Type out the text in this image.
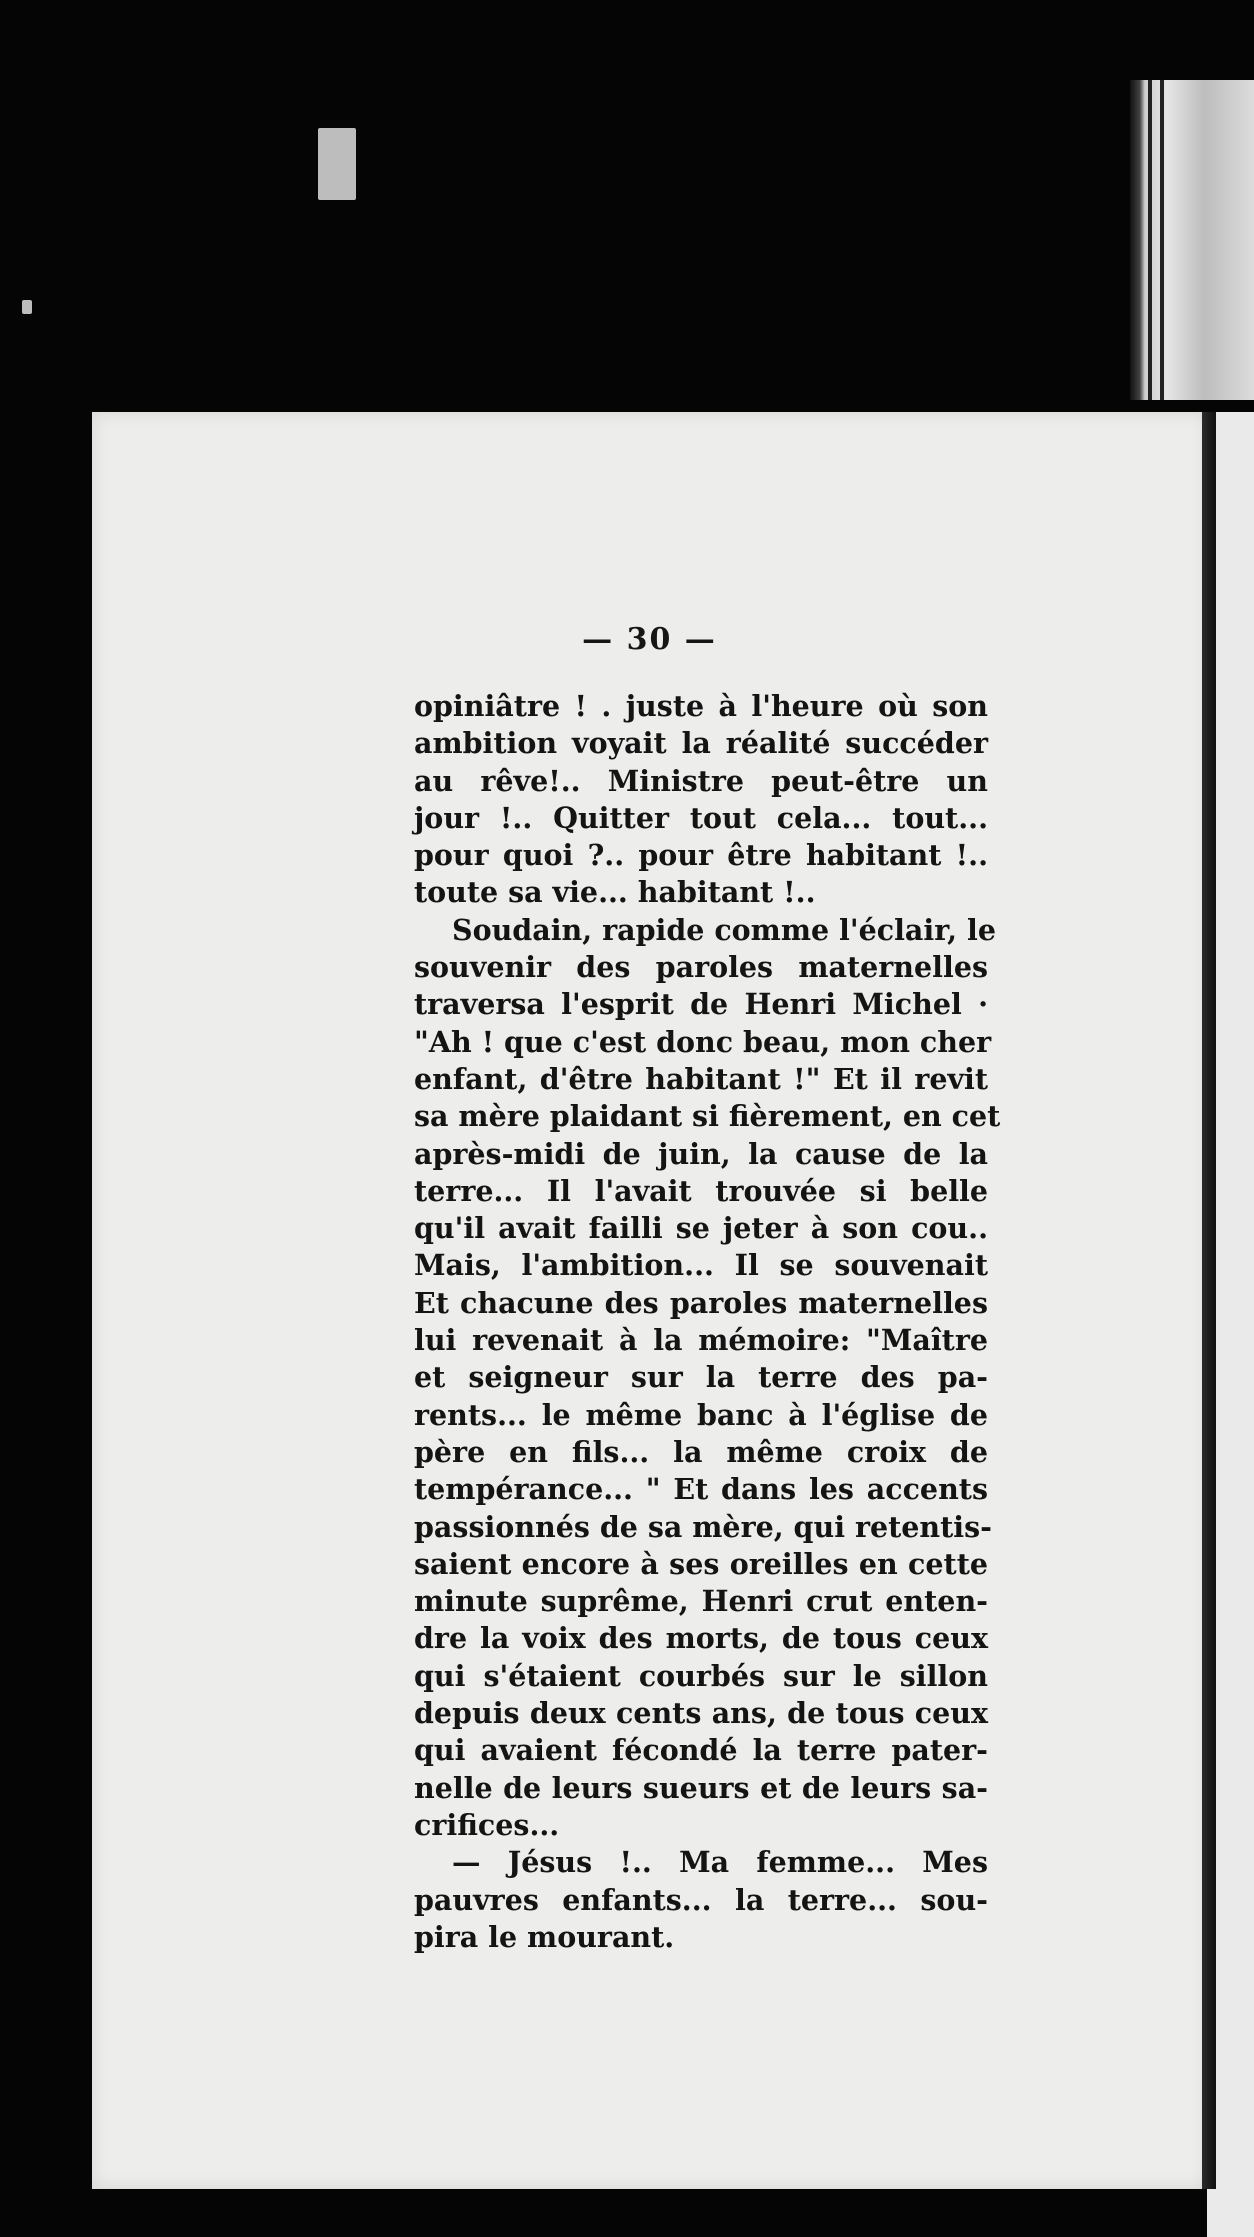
— 30 —
opiniâtre ! . juste à l'heure où son
ambition voyait la réalité succéder
au rêve!.. Ministre peut-être un
jour !.. Quitter tout cela... tout...
pour quoi ?.. pour être habitant !..
toute sa vie... habitant !..
Soudain, rapide comme l'éclair, le
souvenir des paroles maternelles
traversa l'esprit de Henri Michel ·
"Ah ! que c'est donc beau, mon cher
enfant, d'être habitant !" Et il revit
sa mère plaidant si fièrement, en cet
après-midi de juin, la cause de la
terre... Il l'avait trouvée si belle
qu'il avait failli se jeter à son cou..
Mais, l'ambition... Il se souvenait
Et chacune des paroles maternelles
lui revenait à la mémoire: "Maître
et seigneur sur la terre des pa-
rents... le même banc à l'église de
père en fils... la même croix de
tempérance... " Et dans les accents
passionnés de sa mère, qui retentis-
saient encore à ses oreilles en cette
minute suprême, Henri crut enten-
dre la voix des morts, de tous ceux
qui s'étaient courbés sur le sillon
depuis deux cents ans, de tous ceux
qui avaient fécondé la terre pater-
nelle de leurs sueurs et de leurs sa-
crifices...
— Jésus !.. Ma femme... Mes
pauvres enfants... la terre... sou-
pira le mourant.
